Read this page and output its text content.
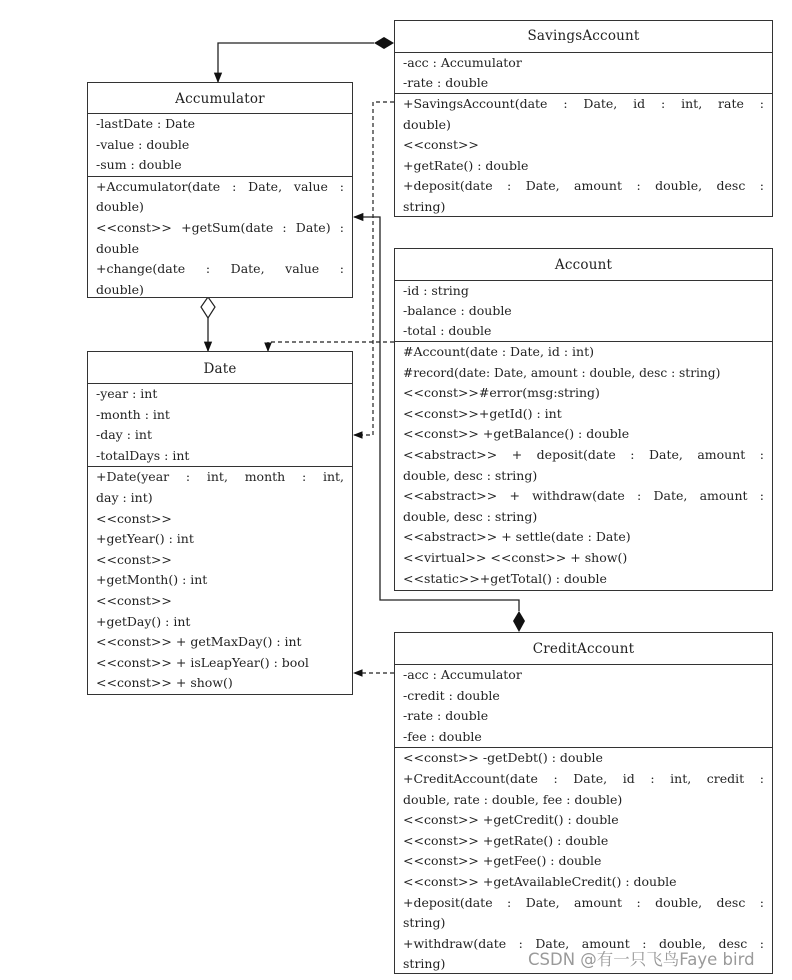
SavingsAccount
-acc : Accumulator
-rate : double
+SavingsAccount(date : Date, id : int, rate :
double)
<<const>>
+getRate() : double
+deposit(date : Date, amount : double, desc :
string)
Accumulator
-lastDate : Date
-value : double
-sum : double
+Accumulator(date : Date, value :
double)
<<const>> +getSum(date : Date) :
double
+change(date : Date, value :
double)
Account
-id : string
-balance : double
-total : double
#Account(date : Date, id : int)
#record(date: Date, amount : double, desc : string)
<<const>>#error(msg:string)
<<const>>+getId() : int
<<const>> +getBalance() : double
<<abstract>> + deposit(date : Date, amount :
double, desc : string)
<<abstract>> + withdraw(date : Date, amount :
double, desc : string)
<<abstract>> + settle(date : Date)
<<virtual>> <<const>> + show()
<<static>>+getTotal() : double
Date
-year : int
-month : int
-day : int
-totalDays : int
+Date(year : int, month : int,
day : int)
<<const>>
+getYear() : int
<<const>>
+getMonth() : int
<<const>>
+getDay() : int
<<const>> + getMaxDay() : int
<<const>> + isLeapYear() : bool
<<const>> + show()
CreditAccount
-acc : Accumulator
-credit : double
-rate : double
-fee : double
<<const>> -getDebt() : double
+CreditAccount(date : Date, id : int, credit :
double, rate : double, fee : double)
<<const>> +getCredit() : double
<<const>> +getRate() : double
<<const>> +getFee() : double
<<const>> +getAvailableCredit() : double
+deposit(date : Date, amount : double, desc :
string)
+withdraw(date : Date, amount : double, desc :
string)	CSDN @有一只飞鸟Faye bird
